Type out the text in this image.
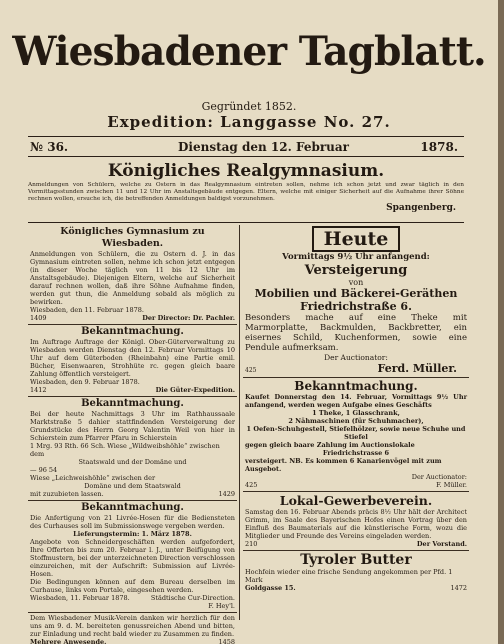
Wiesbadener Tagblatt.
Gegründet 1852.
Expedition: Langgasse No. 27.
№ 36.	Dienstag den 12. Februar	1878.
Königliches Realgymnasium.
Anmeldungen von Schülern, welche zu Ostern in das Realgymnasium eintreten sollen, nehme ich schon jetzt und zwar täglich in den Vormittagsstunden zwischen 11 und 12 Uhr im Anstaltsgebäude entgegen. Eltern, welche mit einiger Sicherheit auf die Aufnahme ihrer Söhne rechnen wollen, ersuche ich, die betreffenden Anmeldungen baldigst vorzunehmen.
Spangenberg.
Königliches Gymnasium zu Wiesbaden.
Anmeldungen von Schülern, die zu Ostern d. J. in das Gymnasium eintreten sollen, nehme ich schon jetzt entgegen (in dieser Woche täglich von 11 bis 12 Uhr im Anstaltsgebäude). Diejenigen Eltern, welche auf Sicherheit darauf rechnen wollen, daß ihre Söhne Aufnahme finden, werden gut thun, die Anmeldung sobald als möglich zu bewirken.
Wiesbaden, den 11. Februar 1878.
1409	Der Director: Dr. Pachler.
Bekanntmachung.
Im Auftrage Auftrage der Königl. Ober-Güterverwaltung zu Wiesbaden werden Dienstag den 12. Februar Vormittags 10 Uhr auf dem Güterboden (Rheinbahn) eine Partie emil. Bücher, Eisenwaaren, Strohhüte rc. gegen gleich baare Zahlung öffentlich versteigert.
Wiesbaden, den 9. Februar 1878.
1412	Die Güter-Expedition.
Bekanntmachung.
Bei der heute Nachmittags 3 Uhr im Rathhaussaale Marktstraße 5 dahier stattfindenden Versteigerung der Grundstücke des Herrn Georg Valentin Weil von hier in Schierstein zum Pfarrer Pfaru in Schierstein
1 Mrg. 93 Rth. 66 Sch. Wiese „Wildweibshöhle“ zwischen dem
Staatswald und der Domäne und
— 96 54
Wiese „Leichweishöhle“ zwischen der
Domäne und dem Staatswald
mit zuzubieten lassen.	1429
Bekanntmachung.
Die Anfertigung von 21 Livrée-Hosen für die Bediensteten des Curhauses soll im Submissionswege vergeben werden.
Lieferungstermin: 1. März 1878.
Angebote von Schneidergeschäften werden aufgefordert, Ihre Offerten bis zum 20. Februar l. J., unter Beifügung von Stoffmustern, bei der unterzeichneten Direction verschlossen einzureichen, mit der Aufschrift: Submission auf Livrée-Hosen.
Die Bedingungen können auf dem Bureau derselben im Curhause, links vom Portale, eingesehen werden.
Wiesbaden, 11. Februar 1878.	Städtische Cur-Direction.
F. Hey'l.
Dem Wiesbadener Musik-Verein danken wir herzlich für den uns am 9. d. M. bereiteten genussreichen Abend und bitten, zur Einladung und recht bald wieder zu Zusammen zu finden.
Mehrere Anwesende.	1458
Heute
Vormittags 9½ Uhr anfangend:
Versteigerung
von
Mobilien und Bäckerei-Geräthen
Friedrichstraße 6.
Besonders mache auf eine Theke mit Marmorplatte, Backmulden, Backbretter, ein eisernes Schild, Kuchenformen, sowie eine Pendule aufmerksam.
Der Auctionator:
425	Ferd. Müller.
Bekanntmachung.
Kaufet Donnerstag den 14. Februar, Vormittags 9½ Uhr anfangend, werden wegen Aufgabe eines Geschäfts
1 Theke, 1 Glasschrank,
2 Nähmaschinen (für Schuhmacher),
1 Oefen-Schuhgestell, Stiefelhölzer, sowie neue Schuhe und Stiefel
gegen gleich baare Zahlung im Auctionslokale
Friedrichstrasse 6
versteigert. NB. Es kommen 6 Kanarienvögel mit zum Ausgebot.
Der Auctionator:
425	F. Müller.
Lokal-Gewerbeverein.
Samstag den 16. Februar Abends präcis 8½ Uhr hält der Architect Grimm, im Saale des Bayerischen Hofes einen Vortrag über den Einfluß des Baumaterials auf die künstlerische Form, wozu die Mitglieder und Freunde des Vereins eingeladen werden.
210	Der Vorstand.
Tyroler Butter
Hochfein wieder eine frische Sendung angekommen per Pfd. 1 Mark
Goldgasse 15.	1472
